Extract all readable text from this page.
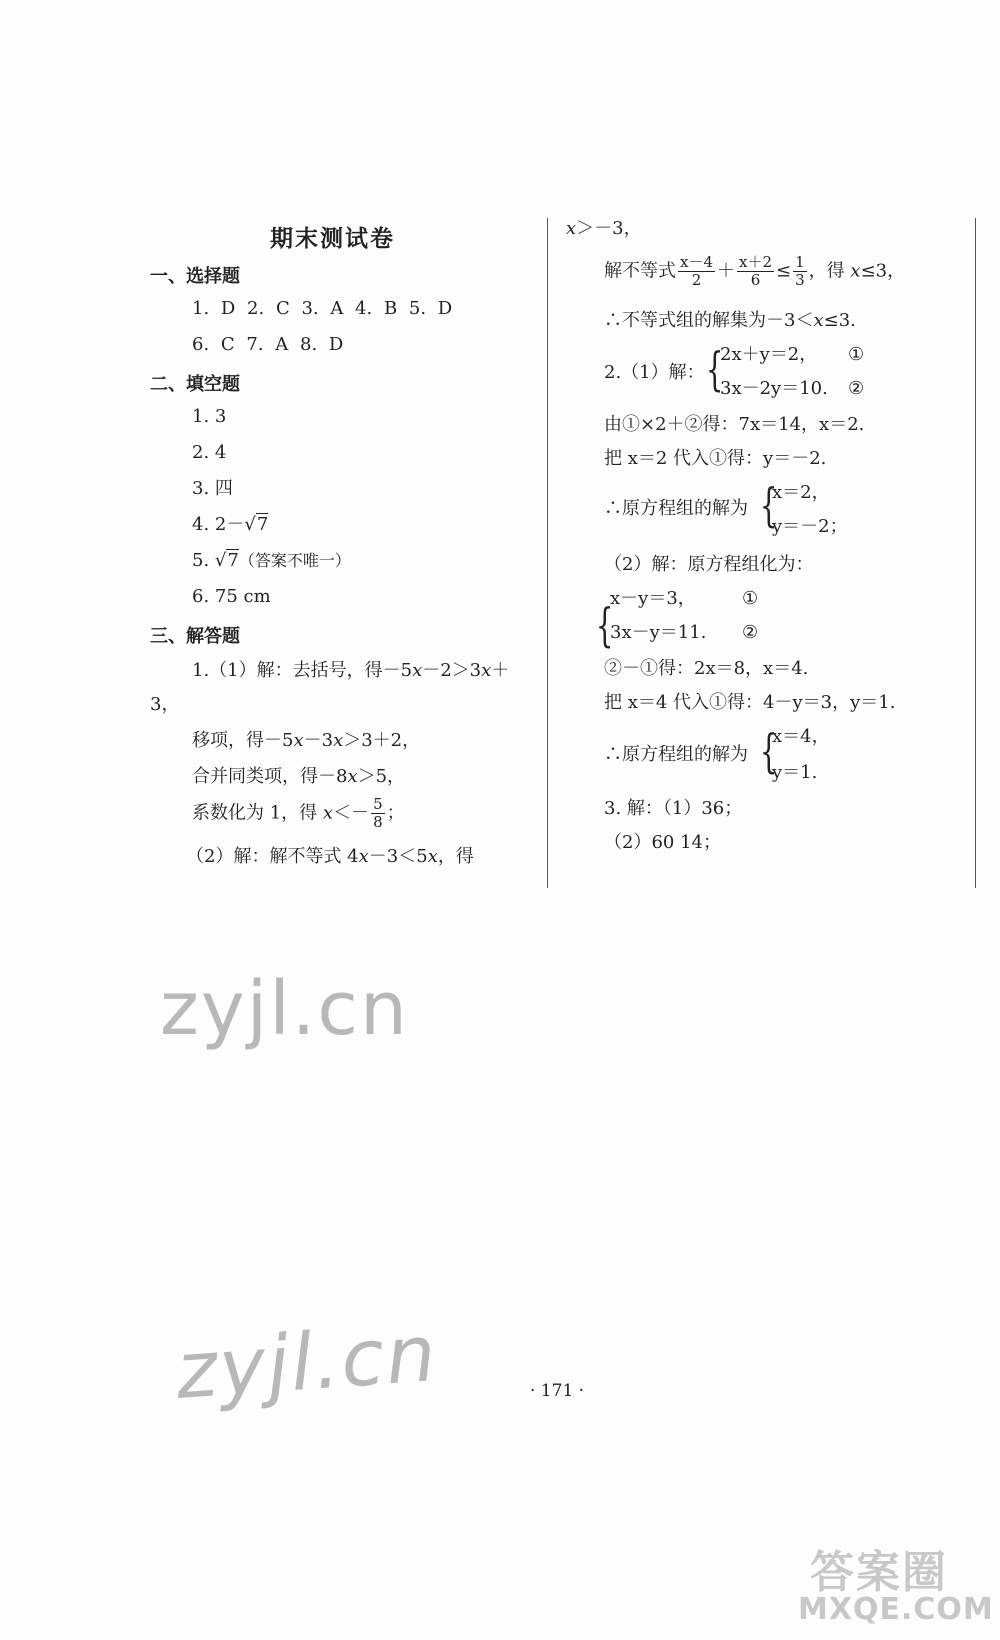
期末测试卷
一、选择题
1. D 2. C 3. A 4. B 5. D
6. C 7. A 8. D
二、填空题
1. 3
2. 4
3. 四
4. 2－√7
5. √7（答案不唯一）
6. 75 cm
三、解答题
1.（1）解：去括号，得－5x－2＞3x＋
3，
移项，得－5x－3x＞3＋2，
合并同类项，得－8x＞5，
系数化为 1，得 $x<- \frac{5}{8}$ ；
（2）解：解不等式 4x－3＜5x，得
x＞－3，
解不等式 $\frac{x-4}{2} + \frac{x+2}{6} \le \frac{1}{3}$ ，得 x≤3，
∴不等式组的解集为－3＜x≤3.
2.（1）解： {
2x＋y＝2， ①
3x－2y＝10. ②
由①×2＋②得：7x＝14，x＝2.
把 x＝2 代入①得：y＝－2.
∴原方程组的解为 {
x＝2，
y＝－2；
（2）解：原方程组化为：
{
x－y＝3，	①
3x－y＝11. ②
②－①得：2x＝8，x＝4.
把 x＝4 代入①得：4－y＝3，y＝1.
∴原方程组的解为 {
x＝4，
y＝1.
3. 解：（1）36；
（2）60 14；
zyjl.cn
zyjl.cn	· 171 ·
答案圈
MXQE.COM
